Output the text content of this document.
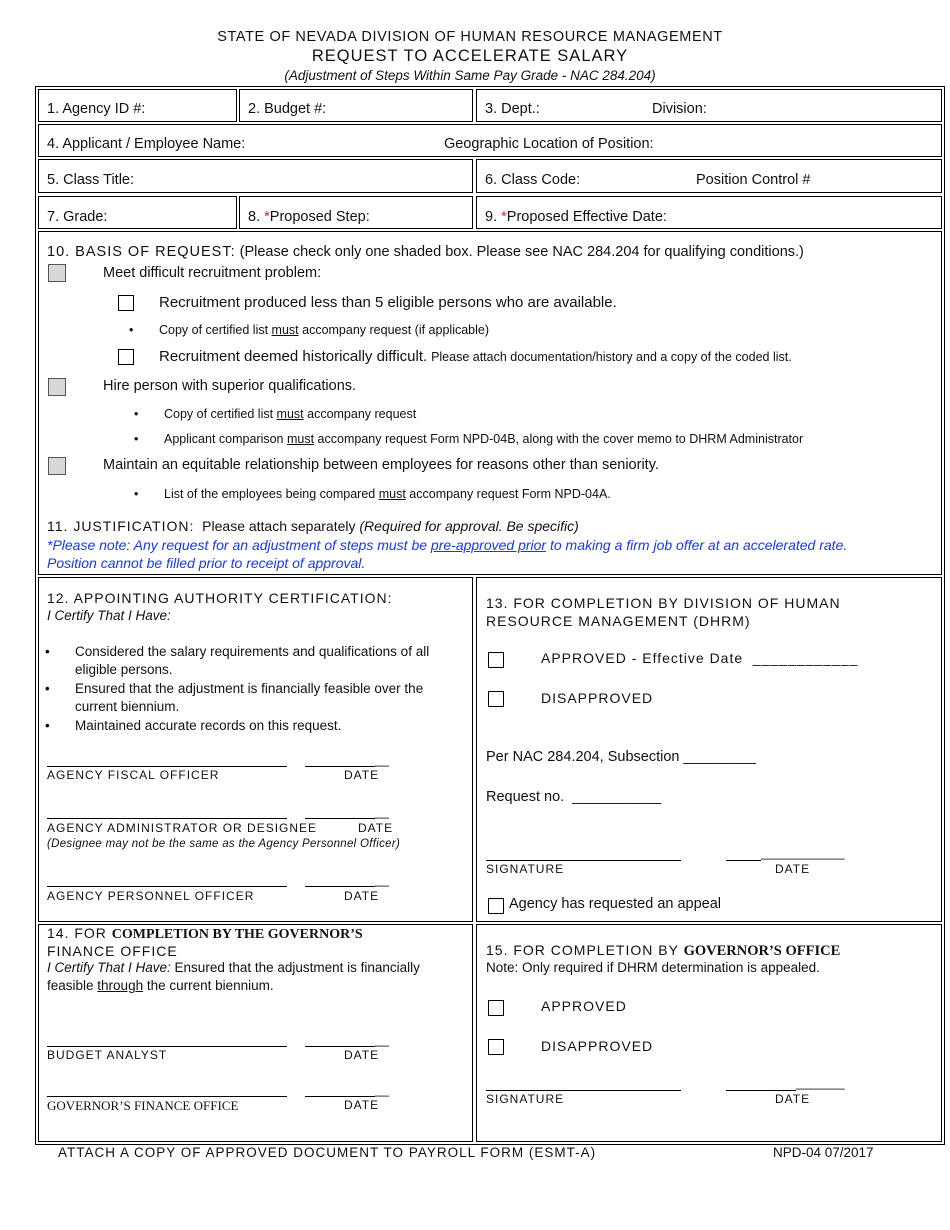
STATE OF NEVADA DIVISION OF HUMAN RESOURCE MANAGEMENT
REQUEST TO ACCELERATE SALARY
(Adjustment of Steps Within Same Pay Grade - NAC 284.204)
1. Agency ID #:	2. Budget #:	3. Dept.:	Division:
4. Applicant / Employee Name:	Geographic Location of Position:
5. Class Title:	6. Class Code:	Position Control #
7. Grade:	8. *Proposed Step:	9. *Proposed Effective Date:
10. BASIS OF REQUEST: (Please check only one shaded box. Please see NAC 284.204 for qualifying conditions.)
Meet difficult recruitment problem:
Recruitment produced less than 5 eligible persons who are available.
• Copy of certified list must accompany request (if applicable)
Recruitment deemed historically difficult. Please attach documentation/history and a copy of the coded list.
Hire person with superior qualifications.
• Copy of certified list must accompany request
• Applicant comparison must accompany request Form NPD-04B, along with the cover memo to DHRM Administrator
Maintain an equitable relationship between employees for reasons other than seniority.
• List of the employees being compared must accompany request Form NPD-04A.
11. JUSTIFICATION: Please attach separately (Required for approval. Be specific)
*Please note: Any request for an adjustment of steps must be pre-approved prior to making a firm job offer at an accelerated rate.
Position cannot be filled prior to receipt of approval.
12. APPOINTING AUTHORITY CERTIFICATION:
I Certify That I Have:
• Considered the salary requirements and qualifications of all
eligible persons.
• Ensured that the adjustment is financially feasible over the
current biennium.
• Maintained accurate records on this request.
__
AGENCY FISCAL OFFICER	DATE
__
AGENCY ADMINISTRATOR OR DESIGNEE	DATE
(Designee may not be the same as the Agency Personnel Officer)
__
AGENCY PERSONNEL OFFICER	DATE
13. FOR COMPLETION BY DIVISION OF HUMAN
RESOURCE MANAGEMENT (DHRM)
APPROVED - Effective Date ____________
DISAPPROVED
Per NAC 284.204, Subsection _________
Request no. ___________
____________
SIGNATURE	DATE
Agency has requested an appeal
14. FOR COMPLETION BY THE GOVERNOR’S
FINANCE OFFICE
I Certify That I Have: Ensured that the adjustment is financially
feasible through the current biennium.
__
BUDGET ANALYST	DATE
__
GOVERNOR’S FINANCE OFFICE	DATE
15. FOR COMPLETION BY GOVERNOR’S OFFICE
Note: Only required if DHRM determination is appealed.
APPROVED
DISAPPROVED
_______
SIGNATURE	DATE
ATTACH A COPY OF APPROVED DOCUMENT TO PAYROLL FORM (ESMT-A)	NPD-04 07/2017
